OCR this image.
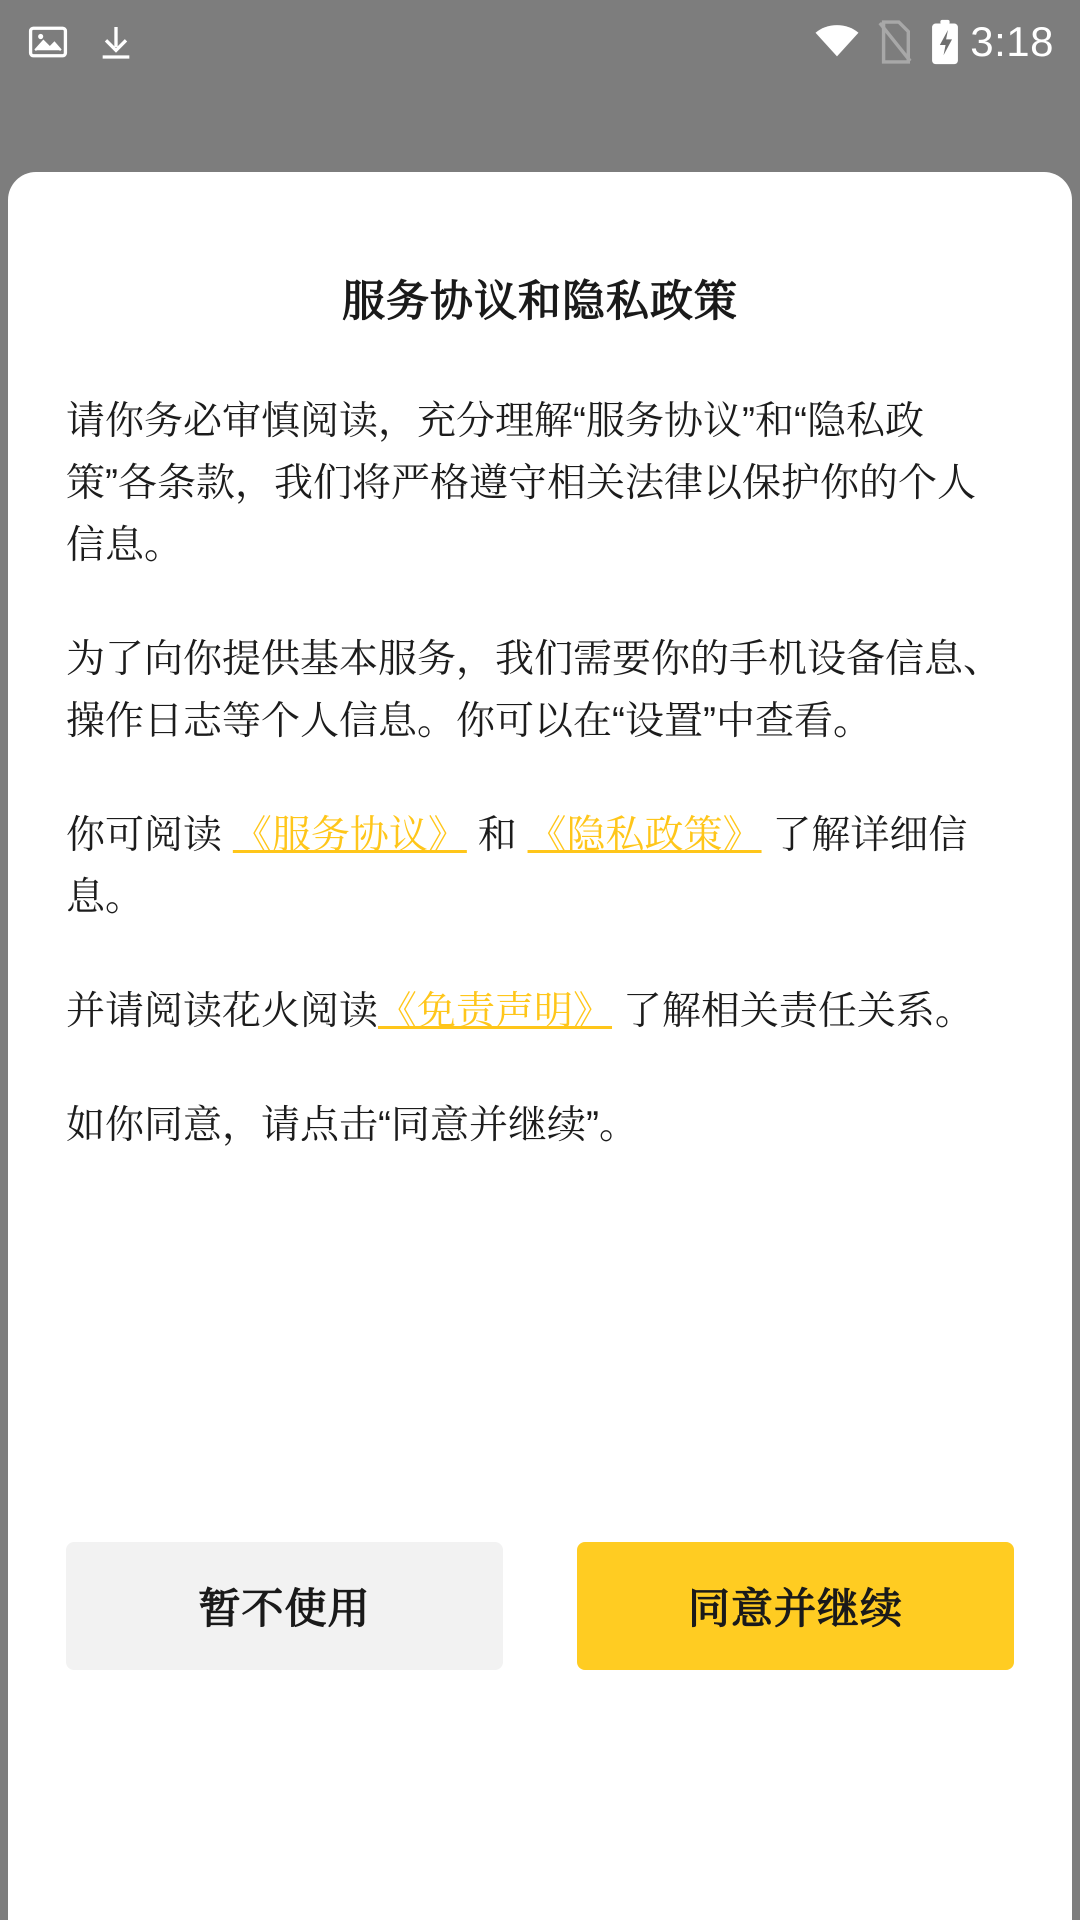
3:18
服务协议和隐私政策

请你务必审慎阅读，充分理解“服务协议”和“隐私政策”各条款，我们将严格遵守相关法律以保护你的个人信息。

为了向你提供基本服务，我们需要你的手机设备信息、操作日志等个人信息。你可以在“设置”中查看。

你可阅读 《服务协议》 和 《隐私政策》 了解详细信息。

并请阅读花火阅读《免责声明》 了解相关责任关系。

如你同意，请点击“同意并继续”。

暂不使用	同意并继续
